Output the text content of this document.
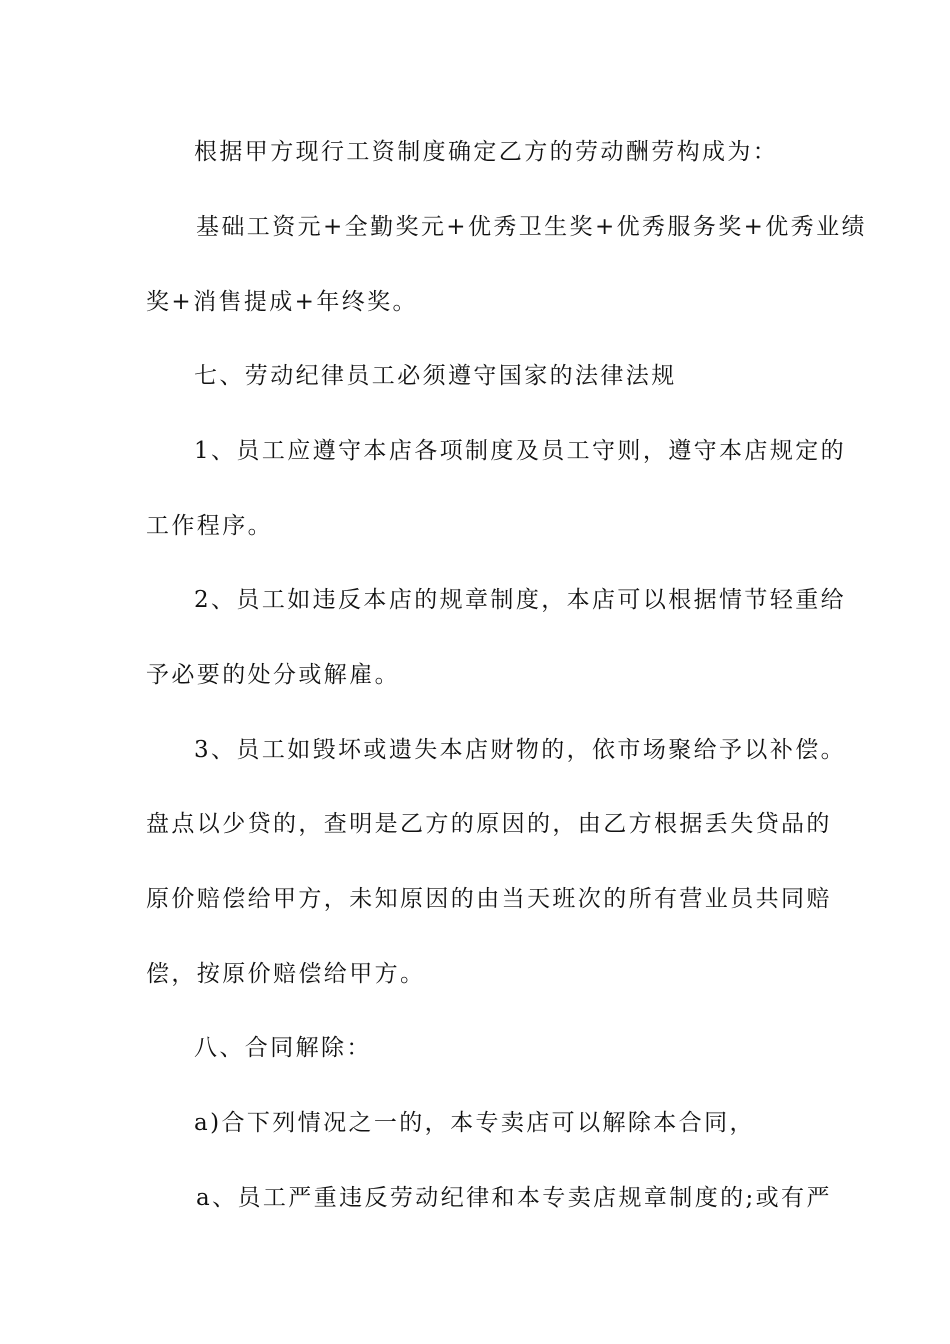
根据甲方现行工资制度确定乙方的劳动酬劳构成为：
基础工资元+全勤奖元+优秀卫生奖+优秀服务奖+优秀业绩
奖+消售提成+年终奖。
七、劳动纪律员工必须遵守国家的法律法规
1、员工应遵守本店各项制度及员工守则，遵守本店规定的
工作程序。
2、员工如违反本店的规章制度，本店可以根据情节轻重给
予必要的处分或解雇。
3、员工如毁坏或遗失本店财物的，依市场聚给予以补偿。
盘点以少贷的，查明是乙方的原因的，由乙方根据丢失贷品的
原价赔偿给甲方，未知原因的由当天班次的所有营业员共同赔
偿，按原价赔偿给甲方。
八、合同解除：
a)合下列情况之一的，本专卖店可以解除本合同，
a、员工严重违反劳动纪律和本专卖店规章制度的;或有严
